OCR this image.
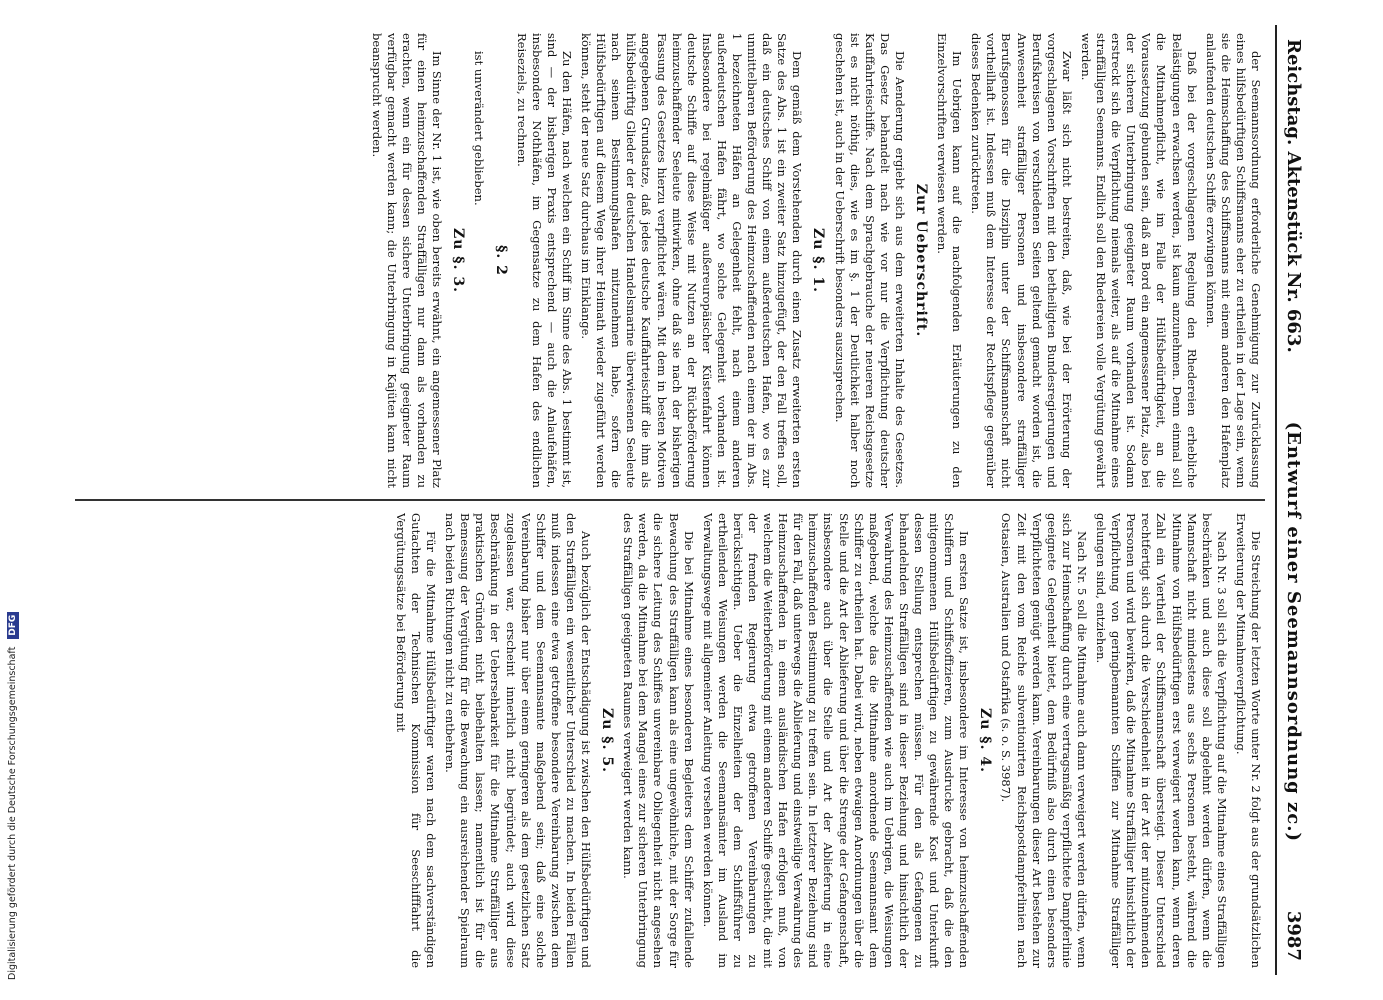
Reichstag. Aktenstück Nr. 663.
(Entwurf einer Seemannsordnung zc.)
3987

der Seemannsordnung erforderliche Genehmigung zur Zurücklassung eines hilfsbedürftigen Schiffsmanns eher zu ertheilen in der Lage sein, wenn sie die Heimschaffung des Schiffsmanns mit einem anderen den Hafenplatz anlaufenden deutschen Schiffe erzwingen können.

Daß bei der vorgeschlagenen Regelung den Rhedereien erhebliche Belästigungen erwachsen werden, ist kaum anzunehmen. Denn einmal soll die Mitnahmepflicht, wie im Falle der Hülfsbedürftigkeit, an die Voraussetzung gebunden sein, daß an Bord ein angemessener Platz, also bei der sicheren Unterbringung geeigneter Raum vorhanden ist. Sodann erstreckt sich die Verpflichtung niemals weiter, als auf die Mitnahme eines straffälligen Seemanns. Endlich soll den Rhedereien volle Vergütung gewährt werden.

Zwar läßt sich nicht bestreiten, daß, wie bei der Erörterung der vorgeschlagenen Vorschriften mit den betheiligten Bundesregierungen und Berufskreisen von verschiedenen Seiten geltend gemacht worden ist, die Anwesenheit straffälliger Personen und insbesondere straffälliger Berufsgenossen für die Disziplin unter der Schiffsmannschaft nicht vortheilhaft ist. Indessen muß dem Interesse der Rechtspflege gegenüber dieses Bedenken zurücktreten.

Im Uebrigen kann auf die nachfolgenden Erläuterungen zu den Einzelvorschriften verwiesen werden.

Zur Ueberschrift.

Die Aenderung ergiebt sich aus dem erweiterten Inhalte des Gesetzes. Das Gesetz behandelt nach wie vor nur die Verpflichtung deutscher Kauffahrteischiffe. Nach dem Sprachgebrauche der neueren Reichsgesetze ist es nicht nöthig, dies, wie es im §. 1 der Deutlichkeit halber noch geschehen ist, auch in der Ueberschrift besonders auszusprechen.

Zu §. 1.

Dem gemäß dem Vorstehenden durch einen Zusatz erweiterten ersten Satze des Abs. 1 ist ein zweiter Satz hinzugefügt, der den Fall treffen soll, daß ein deutsches Schiff von einem außerdeutschen Hafen, wo es zur unmittelbaren Beförderung des Heimzuschaffenden nach einem der im Abs. 1 bezeichneten Häfen an Gelegenheit fehlt, nach einem anderen außerdeutschen Hafen fährt, wo solche Gelegenheit vorhanden ist. Insbesondere bei regelmäßiger außereuropäischer Küstenfahrt können deutsche Schiffe auf diese Weise mit Nutzen an der Rückbeförderung heimzuschaffender Seeleute mitwirken, ohne daß sie nach der bisherigen Fassung des Gesetzes hierzu verpflichtet wären. Mit dem in besten Motiven angegebenen Grundsatze, daß jedes deutsche Kauffahrteischiff die ihm als hülfsbedürftig Glieder der deutschen Handelsmarine überwiesenen Seeleute nach seinem Bestimmungshafen mitzunehmen habe, sofern die Hülfsbedürftigen auf diesem Wege ihrer Heimath wieder zugeführt werden können, steht der neue Satz durchaus im Einklange.

Zu den Häfen, nach welchen ein Schiff im Sinne des Abs. 1 bestimmt ist, sind — der bisherigen Praxis entsprechend — auch die Anlaufehäfen, insbesondere Nothhäfen, im Gegensatze zu dem Hafen des endlichen Reiseziels, zu rechnen.

§. 2

ist unverändert geblieben.

Zu §. 3.

Im Sinne der Nr. 1 ist, wie oben bereits erwähnt, ein angemessener Platz für einen heimzuschaffenden Straffälligen nur dann als vorhanden zu erachten, wenn ein für dessen sichere Unterbringung geeigneter Raum verfügbar gemacht werden kann; die Unterbringung in Kajüten kann nicht beansprucht werden.

Die Streichung der letzten Worte unter Nr. 2 folgt aus der grundsätzlichen Erweiterung der Mitnahmeverpflichtung.

Nach Nr. 3 soll sich die Verpflichtung auf die Mitnahme eines Straffälligen beschränken und auch diese soll abgelehnt werden dürfen, wenn die Mannschaft nicht mindestens aus sechs Personen besteht, während die Mitnahme von Hülfsbedürftigen erst verweigert werden kann, wenn deren Zahl ein Viertheil der Schiffsmannschaft übersteigt. Dieser Unterschied rechtfertigt sich durch die Verschiedenheit in der Art der mitzunehmenden Personen und wird bewirken, daß die Mitnahme Straffälliger hinsichtlich der Verpflichtung von geringbemannten Schiffen zur Mitnahme Straffälliger gelungen sind, entziehen.

Nach Nr. 5 soll die Mitnahme auch dann verweigert werden dürfen, wenn sich zur Heimschaffung durch eine vertragsmäßig verpflichtete Dampferlinie geeignete Gelegenheit bietet, dem Bedürfniß also durch einen besonders Verpflichteten genügt werden kann. Vereinbarungen dieser Art bestehen zur Zeit mit den vom Reiche subventionirten Reichspostdampferlinien nach Ostasien, Australien und Ostafrika (s. o. S. 3987).

Zu §. 4.

Im ersten Satze ist, insbesondere im Interesse von heimzuschaffenden Schiffern und Schiffsoffizieren, zum Ausdrucke gebracht, daß die den mitgenommenen Hülfsbedürftigen zu gewährende Kost und Unterkunft dessen Stellung entsprechen müssen. Für den als Gefangenen zu behandelnden Straffälligen sind in dieser Beziehung und hinsichtlich der Verwahrung des Heimzuschaffenden wie auch im Uebrigen, die Weisungen maßgebend, welche das die Mitnahme anordnende Seemannsamt dem Schiffer zu ertheilen hat. Dabei wird, neben etwaigen Anordnungen über die Stelle und die Art der Ablieferung und über die Strenge der Gefangenschaft, insbesondere auch über die Stelle und Art der Ablieferung in eine heimzuschaffenden Bestimmung zu treffen sein. In letzterer Beziehung sind für den Fall, daß unterwegs die Ablieferung und einstweilige Verwahrung des Heimzuschaffenden in einem ausländischen Hafen erfolgen muß, von welchem die Weiterbeförderung mit einem anderen Schiffe geschieht, die mit der fremden Regierung etwa getroffenen Vereinbarungen zu berücksichtigen. Ueber die Einzelheiten der dem Schiffsführer zu ertheilenden Weisungen werden die Seemannsämter im Ausland im Verwaltungswege mit allgemeiner Anleitung versehen werden können.

Die bei Mitnahme eines besonderen Begleiters dem Schiffer zufallende Bewachung des Straffälligen kann als eine ungewöhnliche, mit der Sorge für die sichere Leitung des Schiffes unvereinbare Obliegenheit nicht angesehen werden, da die Mitnahme bei dem Mangel eines zur sicheren Unterbringung des Straffälligen geeigneten Raumes verweigert werden kann.

Zu §. 5.

Auch bezüglich der Entschädigung ist zwischen den Hülfsbedürftigen und den Straffälligen ein wesentlicher Unterschied zu machen. In beiden Fällen muß indessen eine etwa getroffene besondere Vereinbarung zwischen dem Schiffer und dem Seemannsamte maßgebend sein; daß eine solche Vereinbarung bisher nur über einem geringeren als dem gesetzlichen Satz zugelassen war, erscheint innerlich nicht begründet; auch wird diese Beschränkung in der Uebersehbarkeit für die Mitnahme Straffälliger aus praktischen Gründen nicht beibehalten lassen; namentlich ist für die Bemessung der Vergütung für die Bewachung ein ausreichender Spielraum nach beiden Richtungen nicht zu entbehren.

Für die Mitnahme Hülfsbedürftiger waren nach dem sachverständigen Gutachten der Technischen Kommission für Seeschifffahrt die Vergütungssätze bei Beförderung mit

Digitalisierung gefördert durch die Deutsche Forschungsgemeinschaft
DFG
